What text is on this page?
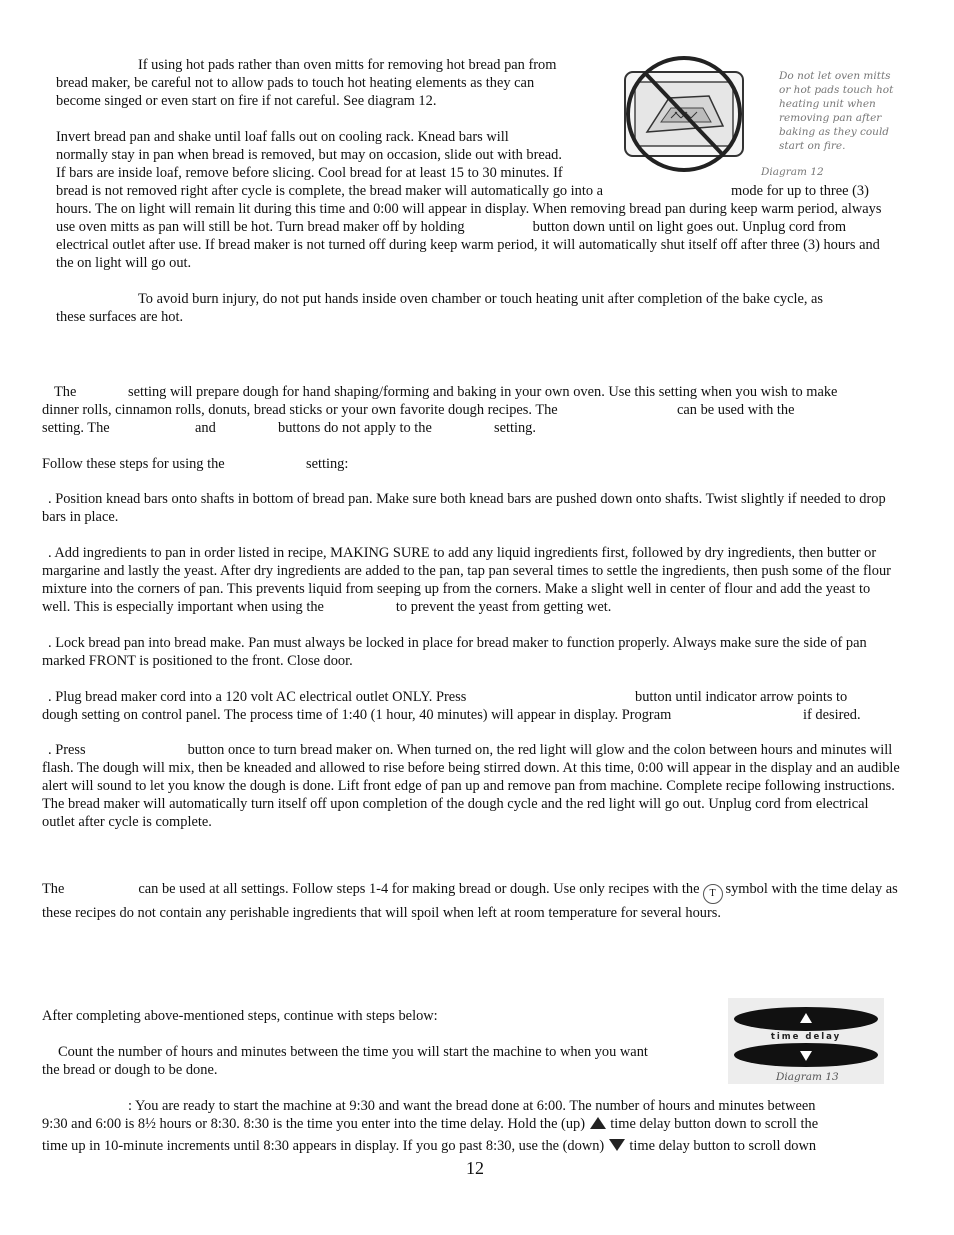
If using hot pads rather than oven mitts for removing hot bread pan from

bread maker, be careful not to allow pads to touch hot heating elements as they can

become singed or even start on fire if not careful. See diagram 12.

Do not let oven mitts
or hot pads touch hot
heating unit when
removing pan after
baking as they could
start on fire.
Diagram 12

Invert bread pan and shake until loaf falls out on cooling rack. Knead bars will

normally stay in pan when bread is removed, but may on occasion, slide out with bread.

If bars are inside loaf, remove before slicing. Cool bread for at least 15 to 30 minutes. If

bread is not removed right after cycle is complete, the bread maker will automatically go into a	mode for up to three (3)

hours. The on light will remain lit during this time and 0:00 will appear in display. When removing bread pan during keep warm period, always use oven mitts as pan will still be hot. Turn bread maker off by holding	button down until on light goes out. Unplug cord from electrical outlet after use. If bread maker is not turned off during keep warm period, it will automatically shut itself off after three (3) hours and the on light will go out.

To avoid burn injury, do not put hands inside oven chamber or touch heating unit after completion of the bake cycle, as

these surfaces are hot.

The	setting will prepare dough for hand shaping/forming and baking in your own oven. Use this setting when you wish to make

dinner rolls, cinnamon rolls, donuts, bread sticks or your own favorite dough recipes. The	can be used with the

setting. The	and	buttons do not apply to the	setting.

Follow these steps for using the	setting:

. Position knead bars onto shafts in bottom of bread pan. Make sure both knead bars are pushed down onto shafts. Twist slightly if needed to drop bars in place.

. Add ingredients to pan in order listed in recipe, MAKING SURE to add any liquid ingredients first, followed by dry ingredients, then butter or margarine and lastly the yeast. After dry ingredients are added to the pan, tap pan several times to settle the ingredients, then push some of the flour mixture into the corners of pan. This prevents liquid from seeping up from the corners. Make a slight well in center of flour and add the yeast to well. This is especially important when using the	to prevent the yeast from getting wet.

. Lock bread pan into bread make. Pan must always be locked in place for bread maker to function properly. Always make sure the side of pan marked FRONT is positioned to the front. Close door.

. Plug bread maker cord into a 120 volt AC electrical outlet ONLY. Press	button until indicator arrow points to

dough setting on control panel. The process time of 1:40 (1 hour, 40 minutes) will appear in display. Program	if desired.

. Press	button once to turn bread maker on. When turned on, the red light will glow and the colon between hours and minutes will flash. The dough will mix, then be kneaded and allowed to rise before being stirred down. At this time, 0:00 will appear in the display and an audible alert will sound to let you know the dough is done. Lift front edge of pan up and remove pan from machine. Complete recipe following instructions. The bread maker will automatically turn itself off upon completion of the dough cycle and the red light will go out. Unplug cord from electrical outlet after cycle is complete.

The	can be used at all settings. Follow steps 1-4 for making bread or dough. Use only recipes with the T symbol with the time delay as these recipes do not contain any perishable ingredients that will spoil when left at room temperature for several hours.

After completing above-mentioned steps, continue with steps below:

Count the number of hours and minutes between the time you will start the machine to when you want

the bread or dough to be done.

time delay
Diagram 13

: You are ready to start the machine at 9:30 and want the bread done at 6:00. The number of hours and minutes between

9:30 and 6:00 is 8½ hours or 8:30. 8:30 is the time you enter into the time delay. Hold the (up) time delay button down to scroll the

time up in 10-minute increments until 8:30 appears in display. If you go past 8:30, use the (down) time delay button to scroll down

12
